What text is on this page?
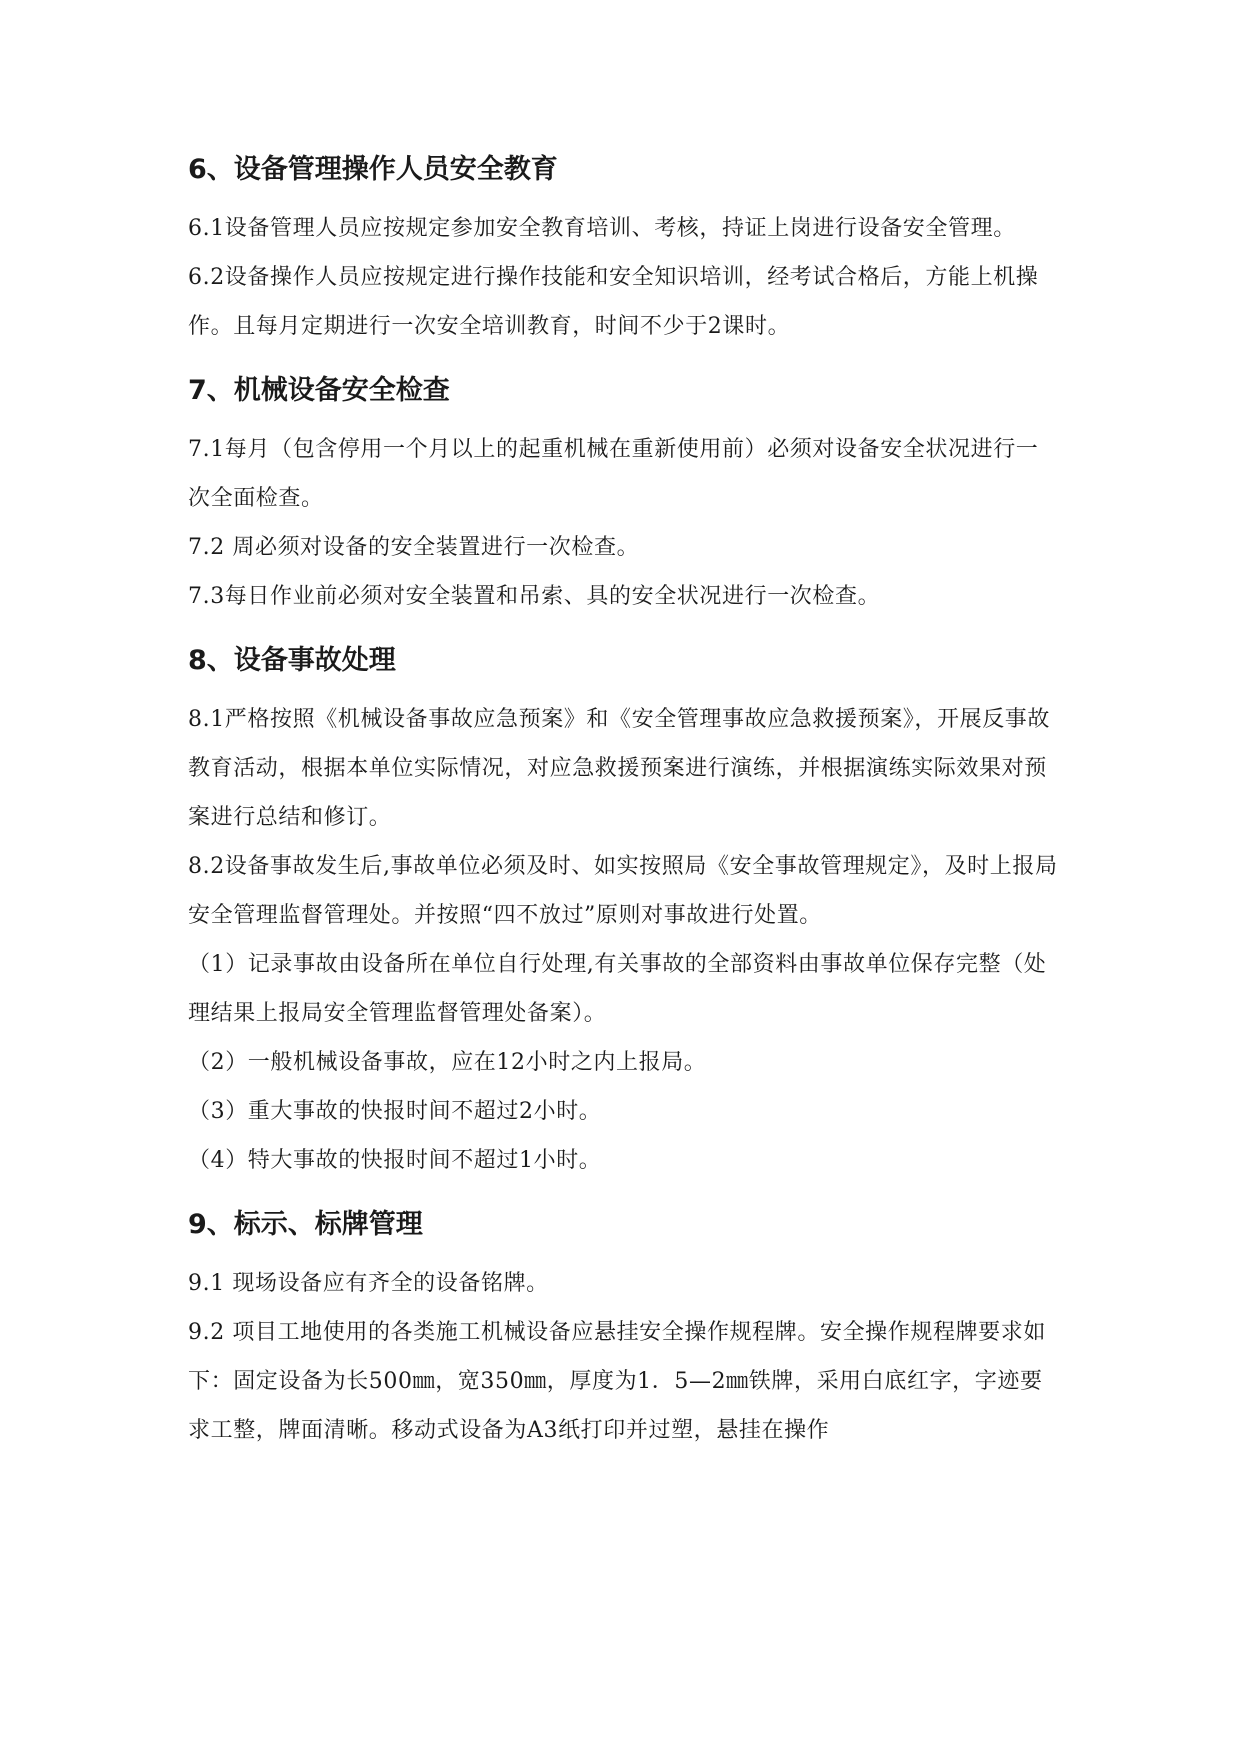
6、设备管理操作人员安全教育

6.1设备管理人员应按规定参加安全教育培训、考核，持证上岗进行设备安全管理。

6.2设备操作人员应按规定进行操作技能和安全知识培训，经考试合格后，方能上机操作。且每月定期进行一次安全培训教育，时间不少于2课时。

7、机械设备安全检查

7.1每月（包含停用一个月以上的起重机械在重新使用前）必须对设备安全状况进行一次全面检查。

7.2 周必须对设备的安全装置进行一次检查。

7.3每日作业前必须对安全装置和吊索、具的安全状况进行一次检查。

8、设备事故处理

8.1严格按照《机械设备事故应急预案》和《安全管理事故应急救援预案》，开展反事故教育活动，根据本单位实际情况，对应急救援预案进行演练，并根据演练实际效果对预案进行总结和修订。

8.2设备事故发生后,事故单位必须及时、如实按照局《安全事故管理规定》，及时上报局安全管理监督管理处。并按照“四不放过”原则对事故进行处置。

（1）记录事故由设备所在单位自行处理,有关事故的全部资料由事故单位保存完整（处理结果上报局安全管理监督管理处备案）。

（2）一般机械设备事故，应在12小时之内上报局。

（3）重大事故的快报时间不超过2小时。

（4）特大事故的快报时间不超过1小时。

9、标示、标牌管理

9.1 现场设备应有齐全的设备铭牌。

9.2 项目工地使用的各类施工机械设备应悬挂安全操作规程牌。安全操作规程牌要求如下：固定设备为长500㎜，宽350㎜，厚度为1．5—2㎜铁牌，采用白底红字，字迹要求工整，牌面清晰。移动式设备为A3纸打印并过塑，悬挂在操作
